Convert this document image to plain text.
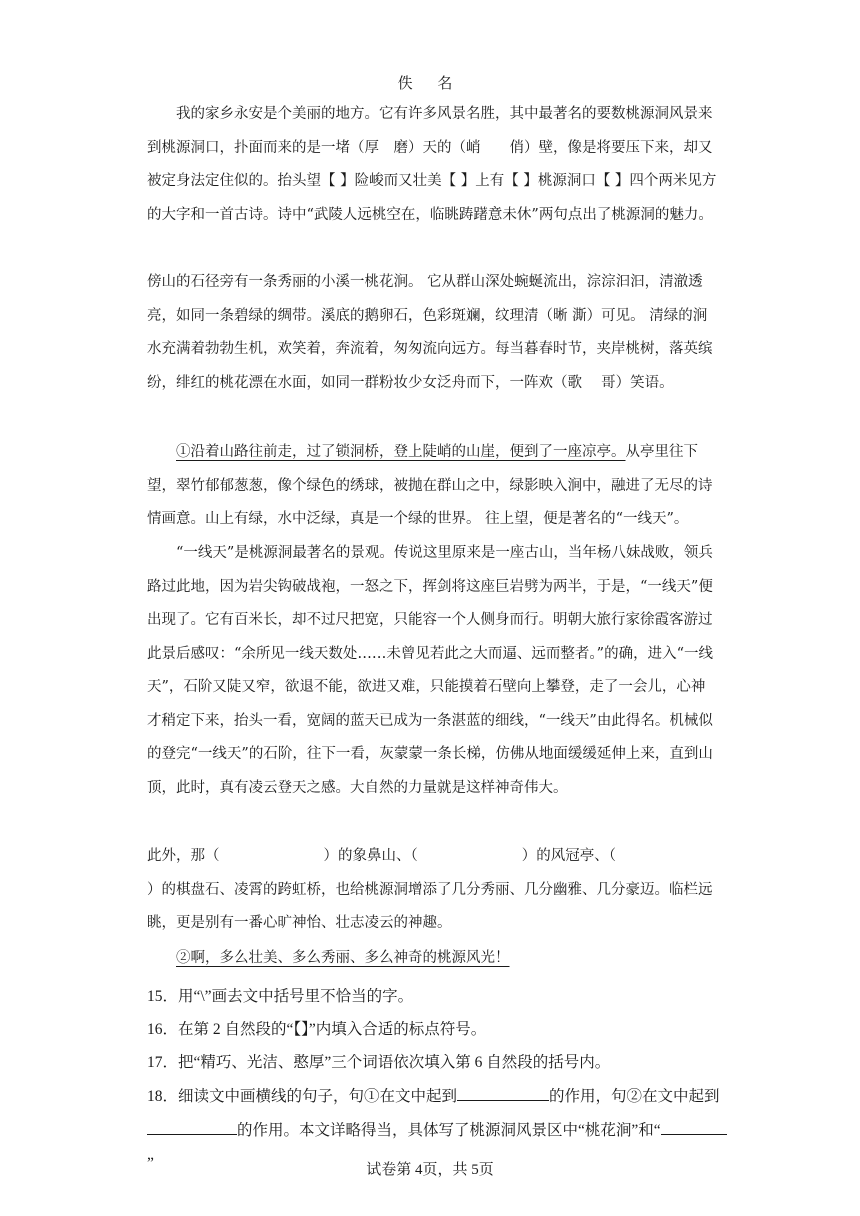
佚 名

我的家乡永安是个美丽的地方。它有许多风景名胜，其中最著名的要数桃源洞风景来到桃源洞口，扑面而来的是一堵（厚　磨）天的（峭　　俏）壁，像是将要压下来，却又被定身法定住似的。抬头望【 】险峻而又壮美【 】上有【 】桃源洞口【 】四个两米见方的大字和一首古诗。诗中“武陵人远桃空在，临眺踌躇意未休”两句点出了桃源洞的魅力。

傍山的石径旁有一条秀丽的小溪一桃花涧。 它从群山深处蜿蜒流出，淙淙汩汩，清澈透亮，如同一条碧绿的绸带。溪底的鹅卵石，色彩斑斓，纹理清（晰 澌）可见。 清绿的涧水充满着勃勃生机，欢笑着，奔流着，匆匆流向远方。每当暮春时节，夹岸桃树，落英缤纷，绯红的桃花漂在水面，如同一群粉妆少女泛舟而下，一阵欢（歌　 哥）笑语。

①沿着山路往前走，过了锁洞桥，登上陡峭的山崖，便到了一座凉亭。从亭里往下望，翠竹郁郁葱葱，像个绿色的绣球，被抛在群山之中，绿影映入涧中，融进了无尽的诗情画意。山上有绿，水中泛绿，真是一个绿的世界。 往上望，便是著名的“一线天”。

“一线天”是桃源洞最著名的景观。传说这里原来是一座古山，当年杨八妹战败，领兵路过此地，因为岩尖钩破战袍，一怒之下，挥剑将这座巨岩劈为两半，于是，“一线天”便出现了。它有百米长，却不过尺把宽，只能容一个人侧身而行。明朝大旅行家徐霞客游过此景后感叹：“余所见一线天数处……未曾见若此之大而逼、远而整者。”的确，进入“一线天”，石阶又陡又窄，欲退不能，欲进又难，只能摸着石壁向上攀登，走了一会儿，心神才稍定下来，抬头一看，宽阔的蓝天已成为一条湛蓝的细线，“一线天”由此得名。机械似的登完“一线天”的石阶，往下一看，灰蒙蒙一条长梯，仿佛从地面缓缓延伸上来，直到山顶，此时，真有凌云登天之感。大自然的力量就是这样神奇伟大。

此外，那（	）的象鼻山、（	）的风冠亭、（）的棋盘石、凌霄的跨虹桥，也给桃源洞增添了几分秀丽、几分幽雅、几分豪迈。临栏远眺，更是别有一番心旷神怡、壮志凌云的神趣。

②啊，多么壮美、多么秀丽、多么神奇的桃源风光！

15．用“\”画去文中括号里不恰当的字。

16．在第 2 自然段的“【】”内填入合适的标点符号。

17．把“精巧、光洁、憨厚”三个词语依次填入第 6 自然段的括号内。

18．细读文中画横线的句子，句①在文中起到	的作用，句②在文中起到
的作用。本文详略得当，具体写了桃源洞风景区中“桃花涧”和“”	试卷第 4页，共 5页
